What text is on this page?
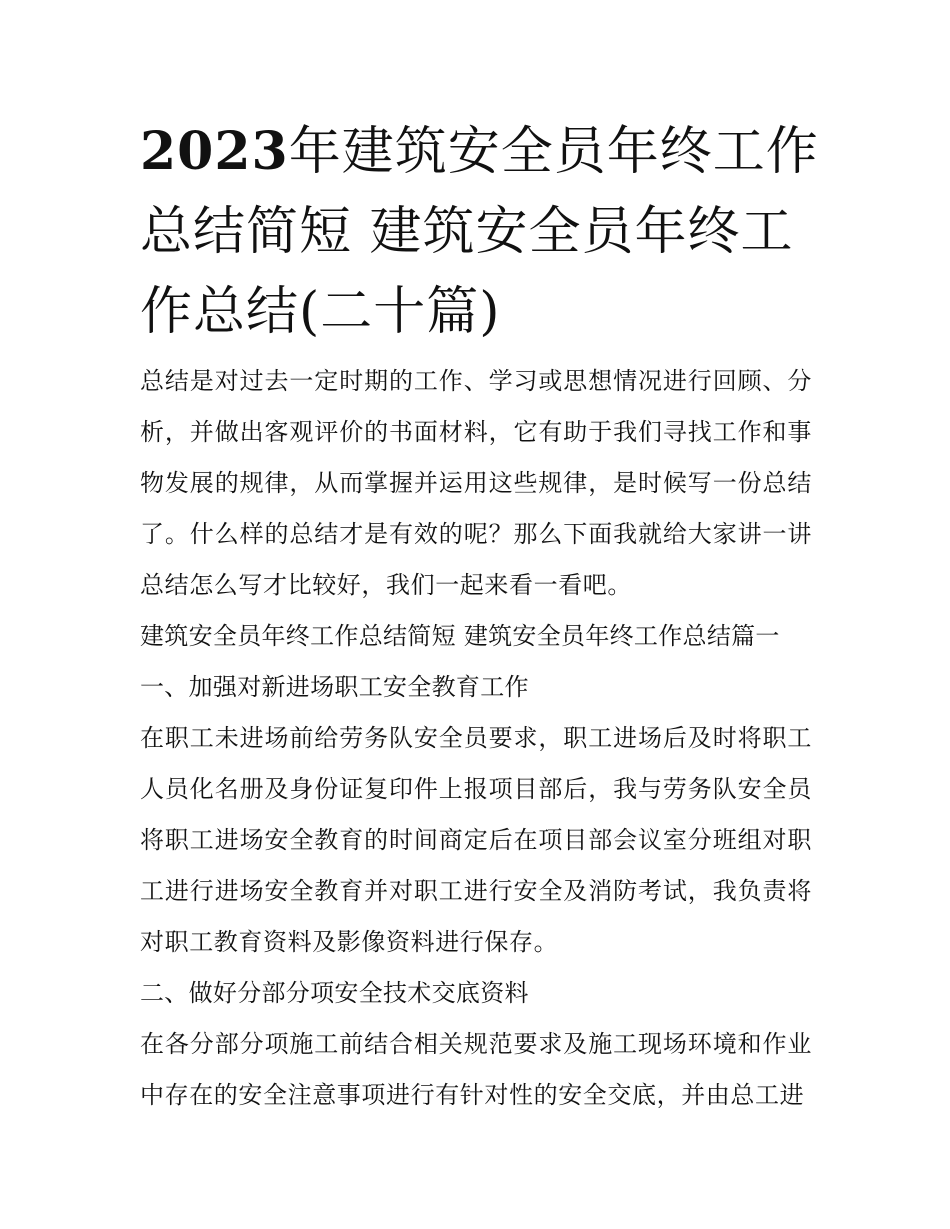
2023年建筑安全员年终工作总结简短 建筑安全员年终工作总结(二十篇)

总结是对过去一定时期的工作、学习或思想情况进行回顾、分析，并做出客观评价的书面材料，它有助于我们寻找工作和事物发展的规律，从而掌握并运用这些规律，是时候写一份总结了。什么样的总结才是有效的呢？那么下面我就给大家讲一讲总结怎么写才比较好，我们一起来看一看吧。

建筑安全员年终工作总结简短 建筑安全员年终工作总结篇一

一、加强对新进场职工安全教育工作

在职工未进场前给劳务队安全员要求，职工进场后及时将职工人员化名册及身份证复印件上报项目部后，我与劳务队安全员将职工进场安全教育的时间商定后在项目部会议室分班组对职工进行进场安全教育并对职工进行安全及消防考试，我负责将对职工教育资料及影像资料进行保存。

二、做好分部分项安全技术交底资料

在各分部分项施工前结合相关规范要求及施工现场环境和作业中存在的安全注意事项进行有针对性的安全交底，并由总工进
